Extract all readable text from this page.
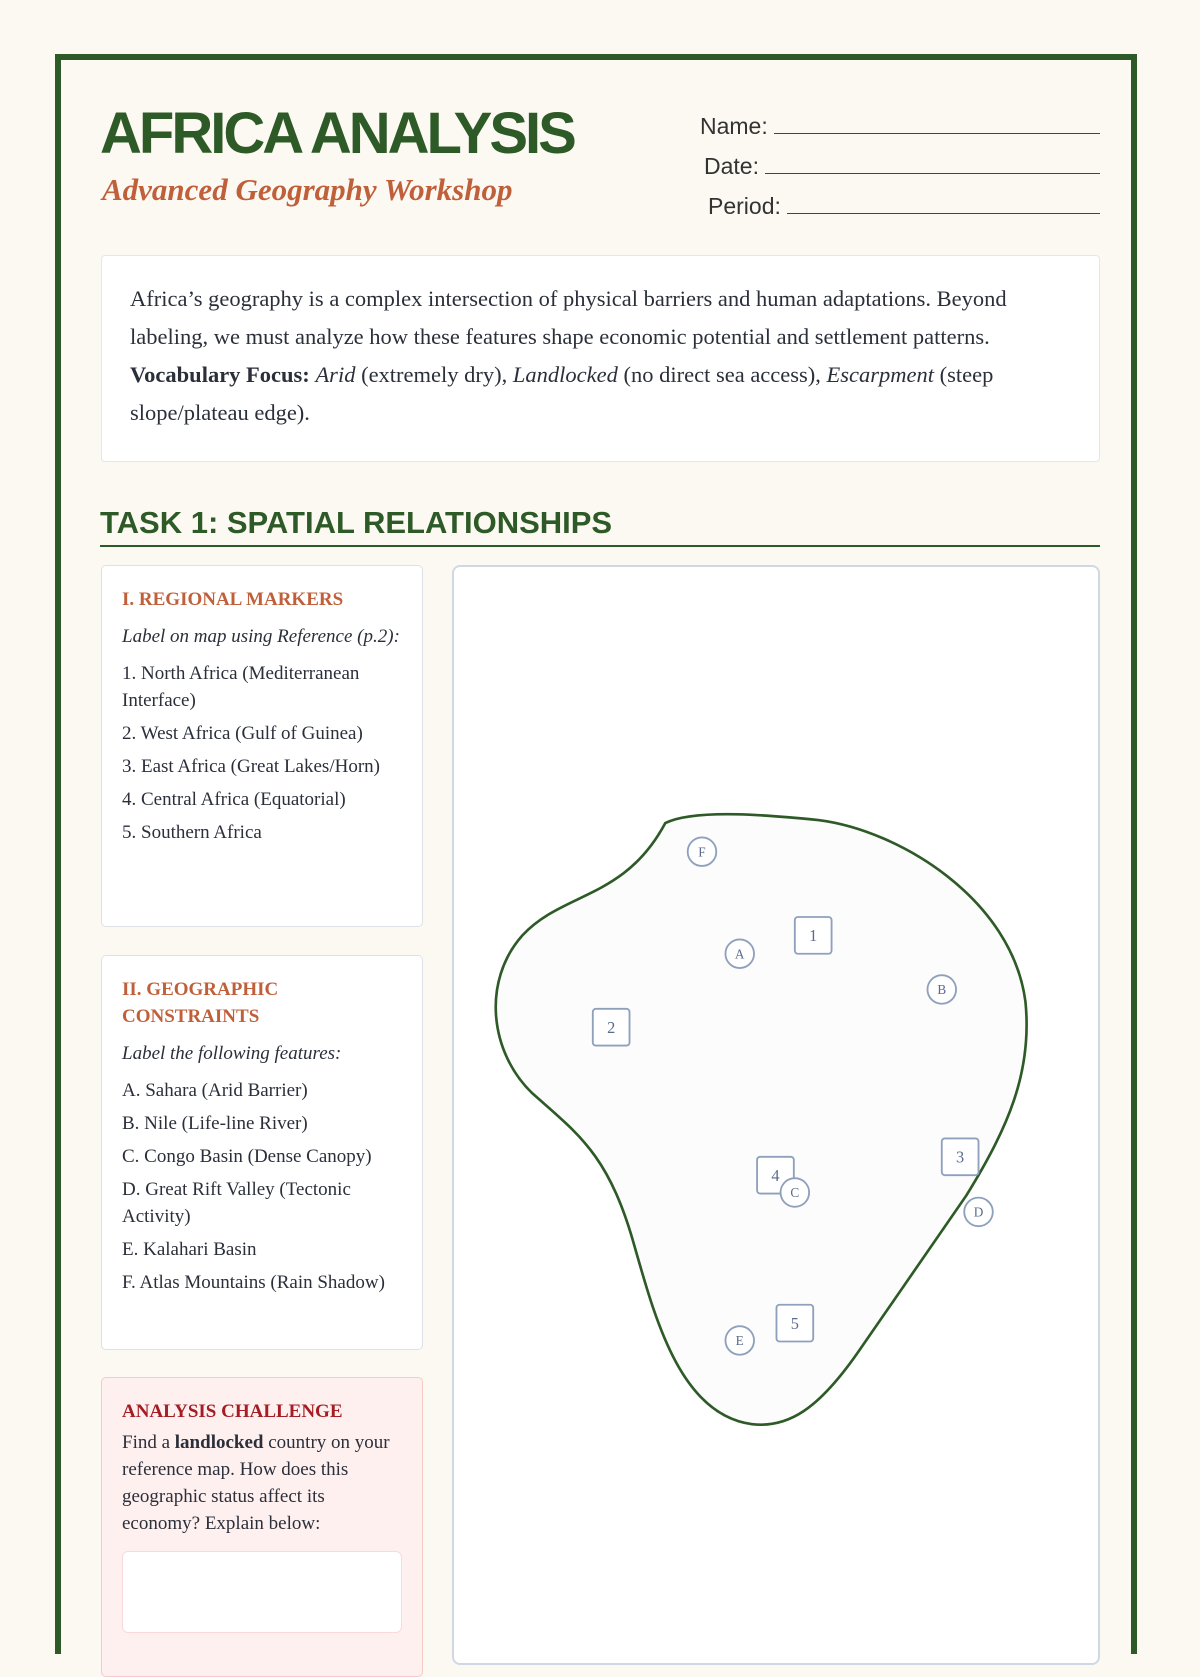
AFRICA ANALYSIS
Advanced Geography Workshop
Name:
Date:
Period:
Africa’s geography is a complex intersection of physical barriers and human adaptations. Beyond labeling, we must analyze how these features shape economic potential and settlement patterns. Vocabulary Focus: Arid (extremely dry), Landlocked (no direct sea access), Escarpment (steep slope/plateau edge).
TASK 1: SPATIAL RELATIONSHIPS
I. REGIONAL MARKERS
Label on map using Reference (p.2):
1. North Africa (Mediterranean Interface)
2. West Africa (Gulf of Guinea)
3. East Africa (Great Lakes/Horn)
4. Central Africa (Equatorial)
5. Southern Africa
II. GEOGRAPHIC CONSTRAINTS
Label the following features:
A. Sahara (Arid Barrier)
B. Nile (Life-line River)
C. Congo Basin (Dense Canopy)
D. Great Rift Valley (Tectonic Activity)
E. Kalahari Basin
F. Atlas Mountains (Rain Shadow)
ANALYSIS CHALLENGE
Find a landlocked country on your reference map. How does this geographic status affect its economy? Explain below:
1
2
3
4
5
A
B
C
D
E
F
